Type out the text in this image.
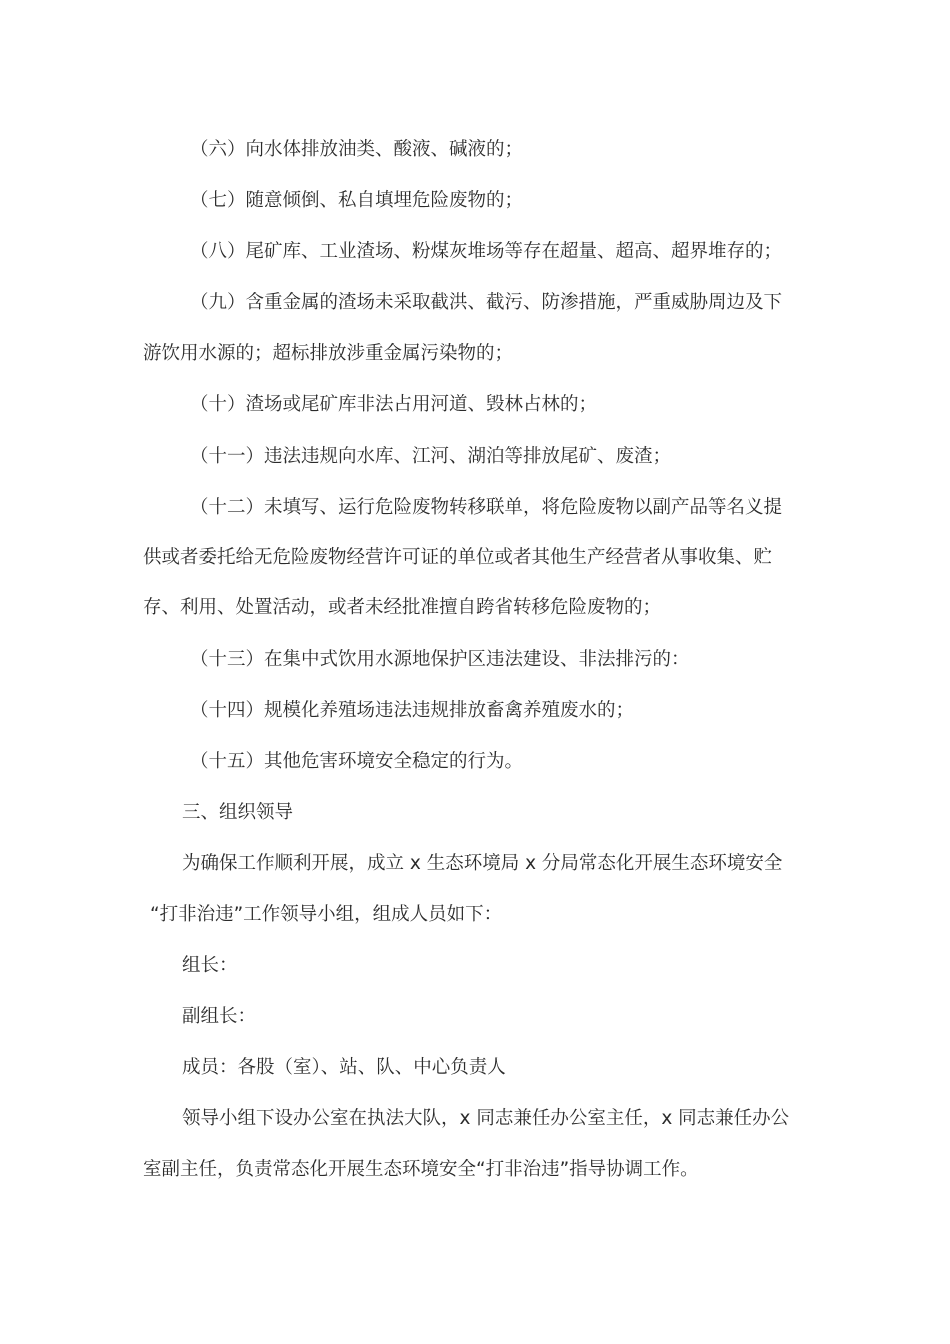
（六）向水体排放油类、酸液、碱液的；
（七）随意倾倒、私自填埋危险废物的；
（八）尾矿库、工业渣场、粉煤灰堆场等存在超量、超高、超界堆存的；
（九）含重金属的渣场未采取截洪、截污、防渗措施，严重威胁周边及下
游饮用水源的；超标排放涉重金属污染物的；
（十）渣场或尾矿库非法占用河道、毁林占林的；
（十一）违法违规向水库、江河、湖泊等排放尾矿、废渣；
（十二）未填写、运行危险废物转移联单，将危险废物以副产品等名义提
供或者委托给无危险废物经营许可证的单位或者其他生产经营者从事收集、贮
存、利用、处置活动，或者未经批准擅自跨省转移危险废物的；
（十三）在集中式饮用水源地保护区违法建设、非法排污的：
（十四）规模化养殖场违法违规排放畜禽养殖废水的；
（十五）其他危害环境安全稳定的行为。
三、组织领导
为确保工作顺利开展，成立 x 生态环境局 x 分局常态化开展生态环境安全
“打非治违”工作领导小组，组成人员如下：
组长：
副组长：
成员：各股（室）、站、队、中心负责人
领导小组下设办公室在执法大队，x 同志兼任办公室主任，x 同志兼任办公
室副主任，负责常态化开展生态环境安全“打非治违”指导协调工作。
